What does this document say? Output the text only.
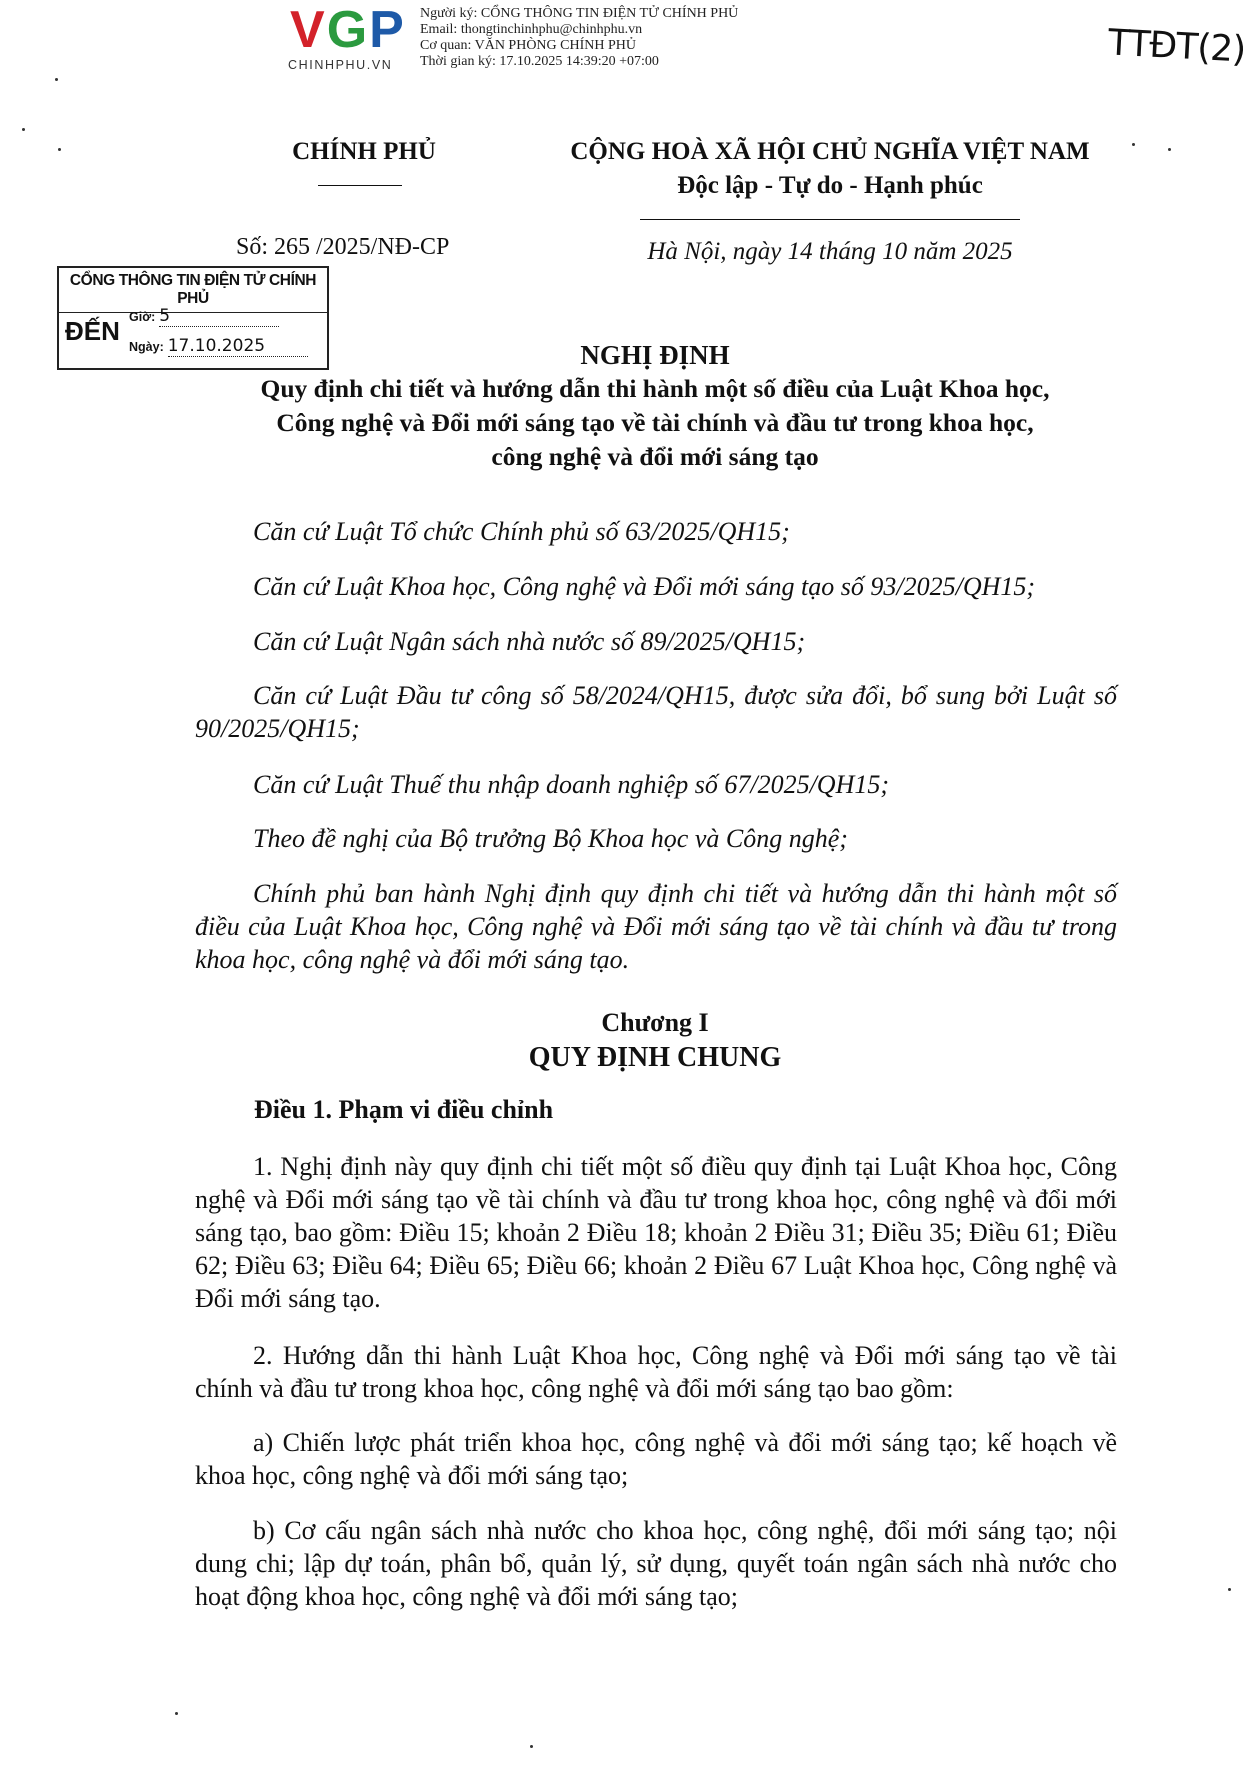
VGP
CHINHPHU.VN
Người ký: CỔNG THÔNG TIN ĐIỆN TỬ CHÍNH PHỦ
Email: thongtinchinhphu@chinhphu.vn
Cơ quan: VĂN PHÒNG CHÍNH PHỦ
Thời gian ký: 17.10.2025 14:39:20 +07:00	TTĐT(2)
CHÍNH PHỦ	CỘNG HOÀ XÃ HỘI CHỦ NGHĨA VIỆT NAM
Độc lập - Tự do - Hạnh phúc
Số: 265 /2025/NĐ-CP	Hà Nội, ngày 14 tháng 10 năm 2025
CỔNG THÔNG TIN ĐIỆN TỬ CHÍNH PHỦ
ĐẾN Giờ: 5
Ngày: 17.10.2025	NGHỊ ĐỊNH
Quy định chi tiết và hướng dẫn thi hành một số điều của Luật Khoa học,
Công nghệ và Đổi mới sáng tạo về tài chính và đầu tư trong khoa học,
công nghệ và đổi mới sáng tạo
Căn cứ Luật Tổ chức Chính phủ số 63/2025/QH15;
Căn cứ Luật Khoa học, Công nghệ và Đổi mới sáng tạo số 93/2025/QH15;
Căn cứ Luật Ngân sách nhà nước số 89/2025/QH15;
Căn cứ Luật Đầu tư công số 58/2024/QH15, được sửa đổi, bổ sung bởi Luật số 90/2025/QH15;
Căn cứ Luật Thuế thu nhập doanh nghiệp số 67/2025/QH15;
Theo đề nghị của Bộ trưởng Bộ Khoa học và Công nghệ;
Chính phủ ban hành Nghị định quy định chi tiết và hướng dẫn thi hành một số điều của Luật Khoa học, Công nghệ và Đổi mới sáng tạo về tài chính và đầu tư trong khoa học, công nghệ và đổi mới sáng tạo.
Chương I
QUY ĐỊNH CHUNG
Điều 1. Phạm vi điều chỉnh
1. Nghị định này quy định chi tiết một số điều quy định tại Luật Khoa học, Công nghệ và Đổi mới sáng tạo về tài chính và đầu tư trong khoa học, công nghệ và đổi mới sáng tạo, bao gồm: Điều 15; khoản 2 Điều 18; khoản 2 Điều 31; Điều 35; Điều 61; Điều 62; Điều 63; Điều 64; Điều 65; Điều 66; khoản 2 Điều 67 Luật Khoa học, Công nghệ và Đổi mới sáng tạo.
2. Hướng dẫn thi hành Luật Khoa học, Công nghệ và Đổi mới sáng tạo về tài chính và đầu tư trong khoa học, công nghệ và đổi mới sáng tạo bao gồm:
a) Chiến lược phát triển khoa học, công nghệ và đổi mới sáng tạo; kế hoạch về khoa học, công nghệ và đổi mới sáng tạo;
b) Cơ cấu ngân sách nhà nước cho khoa học, công nghệ, đổi mới sáng tạo; nội dung chi; lập dự toán, phân bổ, quản lý, sử dụng, quyết toán ngân sách nhà nước cho hoạt động khoa học, công nghệ và đổi mới sáng tạo;
